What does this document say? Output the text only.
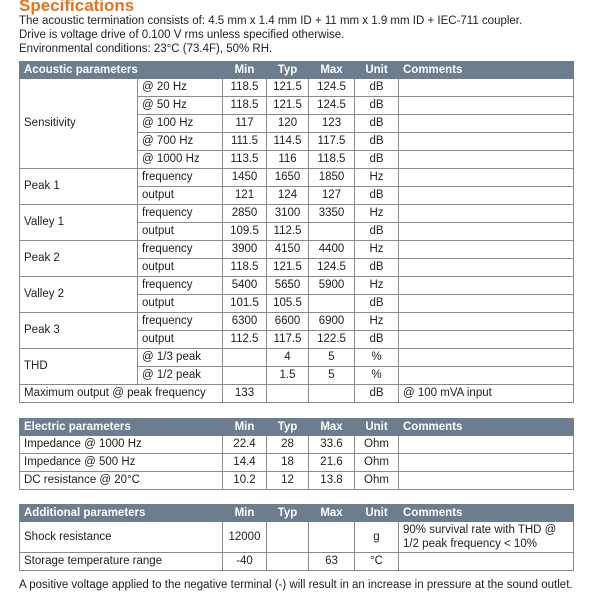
Specifications
The acoustic termination consists of: 4.5 mm x 1.4 mm ID + 11 mm x 1.9 mm ID + IEC-711 coupler.
Drive is voltage drive of 0.100 V rms unless specified otherwise.
Environmental conditions: 23°C (73.4F), 50% RH.
Acoustic parameters		Min	Typ	Max	Unit	Comments
Sensitivity	@ 20 Hz	118.5	121.5	124.5	dB	
	@ 50 Hz	118.5	121.5	124.5	dB	
	@ 100 Hz	117	120	123	dB	
	@ 700 Hz	111.5	114.5	117.5	dB	
	@ 1000 Hz	113.5	116	118.5	dB	
Peak 1	frequency	1450	1650	1850	Hz	
	output	121	124	127	dB	
Valley 1	frequency	2850	3100	3350	Hz	
	output	109.5	112.5		dB	
Peak 2	frequency	3900	4150	4400	Hz	
	output	118.5	121.5	124.5	dB	
Valley 2	frequency	5400	5650	5900	Hz	
	output	101.5	105.5		dB	
Peak 3	frequency	6300	6600	6900	Hz	
	output	112.5	117.5	122.5	dB	
THD	@ 1/3 peak		4	5	%	
	@ 1/2 peak		1.5	5	%	
Maximum output @ peak frequency		133			dB	@ 100 mVA input
Electric parameters	Min	Typ	Max	Unit	Comments
Impedance @ 1000 Hz	22.4	28	33.6	Ohm	
Impedance @ 500 Hz	14.4	18	21.6	Ohm	
DC resistance @ 20°C	10.2	12	13.8	Ohm	
Additional parameters	Min	Typ	Max	Unit	Comments
Shock resistance	12000			g	90% survival rate with THD @ 1/2 peak frequency < 10%
Storage temperature range	-40		63	°C	
A positive voltage applied to the negative terminal (-) will result in an increase in pressure at the sound outlet.
